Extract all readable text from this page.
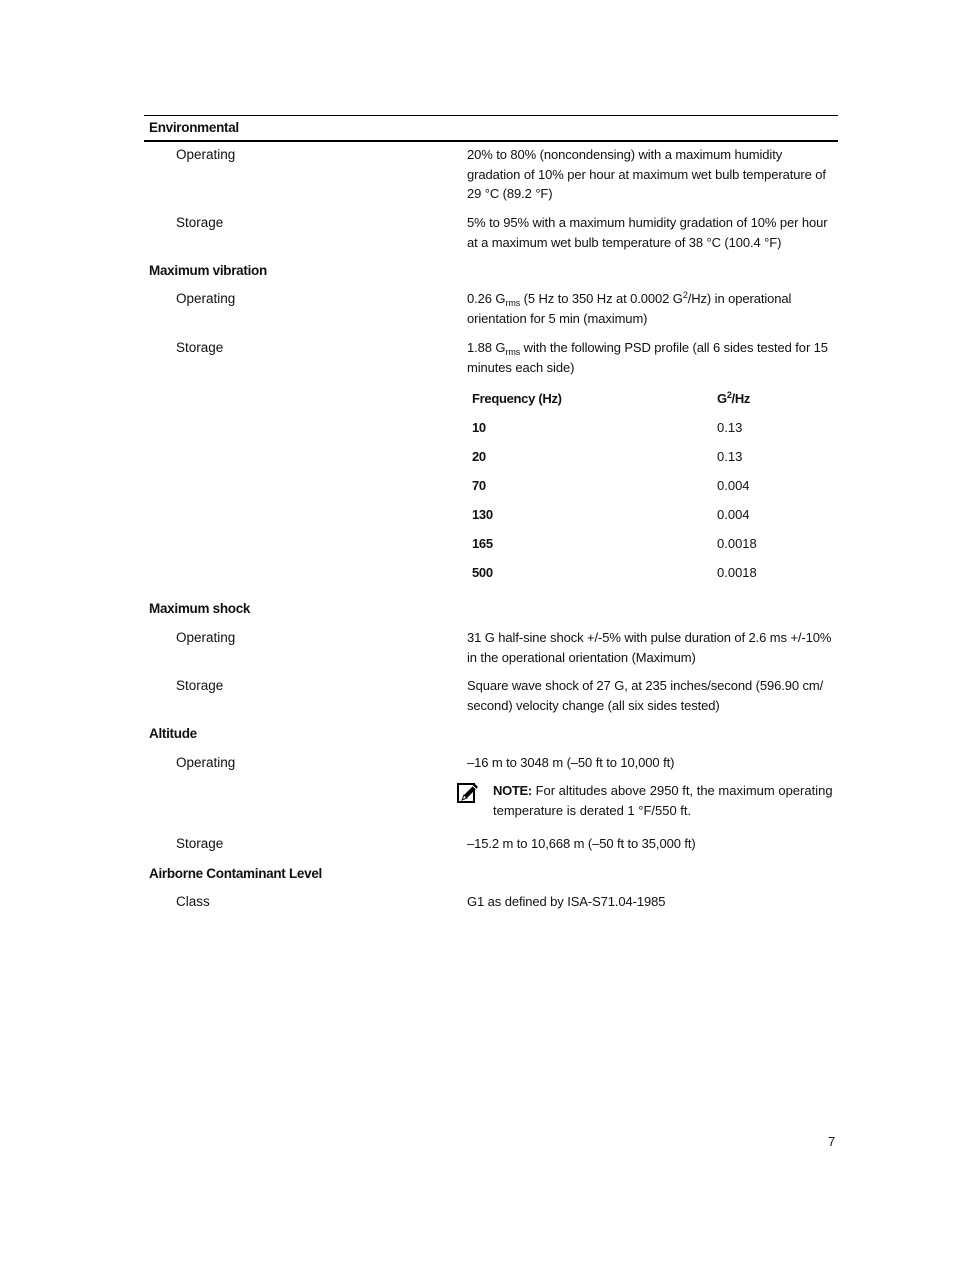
Environmental
Operating	20% to 80% (noncondensing) with a maximum humidity gradation of 10% per hour at maximum wet bulb temperature of 29 °C (89.2 °F)
Storage	5% to 95% with a maximum humidity gradation of 10% per hour at a maximum wet bulb temperature of 38 °C (100.4 °F)
Maximum vibration
Operating	0.26 $G_{rms}$ (5 Hz to 350 Hz at 0.0002 $G^2/Hz$) in operational orientation for 5 min (maximum)
Storage	1.88 $G_{rms}$ with the following PSD profile (all 6 sides tested for 15 minutes each side)
Frequency (Hz)	$G^2/Hz$
10	0.13
20	0.13
70	0.004
130	0.004
165	0.0018
500	0.0018
Maximum shock
Operating	31 G half-sine shock +/-5% with pulse duration of 2.6 ms +/-10% in the operational orientation (Maximum)
Storage	Square wave shock of 27 G, at 235 inches/second (596.90 cm/ second) velocity change (all six sides tested)
Altitude
Operating	–16 m to 3048 m (–50 ft to 10,000 ft)
NOTE: For altitudes above 2950 ft, the maximum operating temperature is derated 1 °F/550 ft.
Storage	–15.2 m to 10,668 m (–50 ft to 35,000 ft)
Airborne Contaminant Level
Class	G1 as defined by ISA-S71.04-1985
7
